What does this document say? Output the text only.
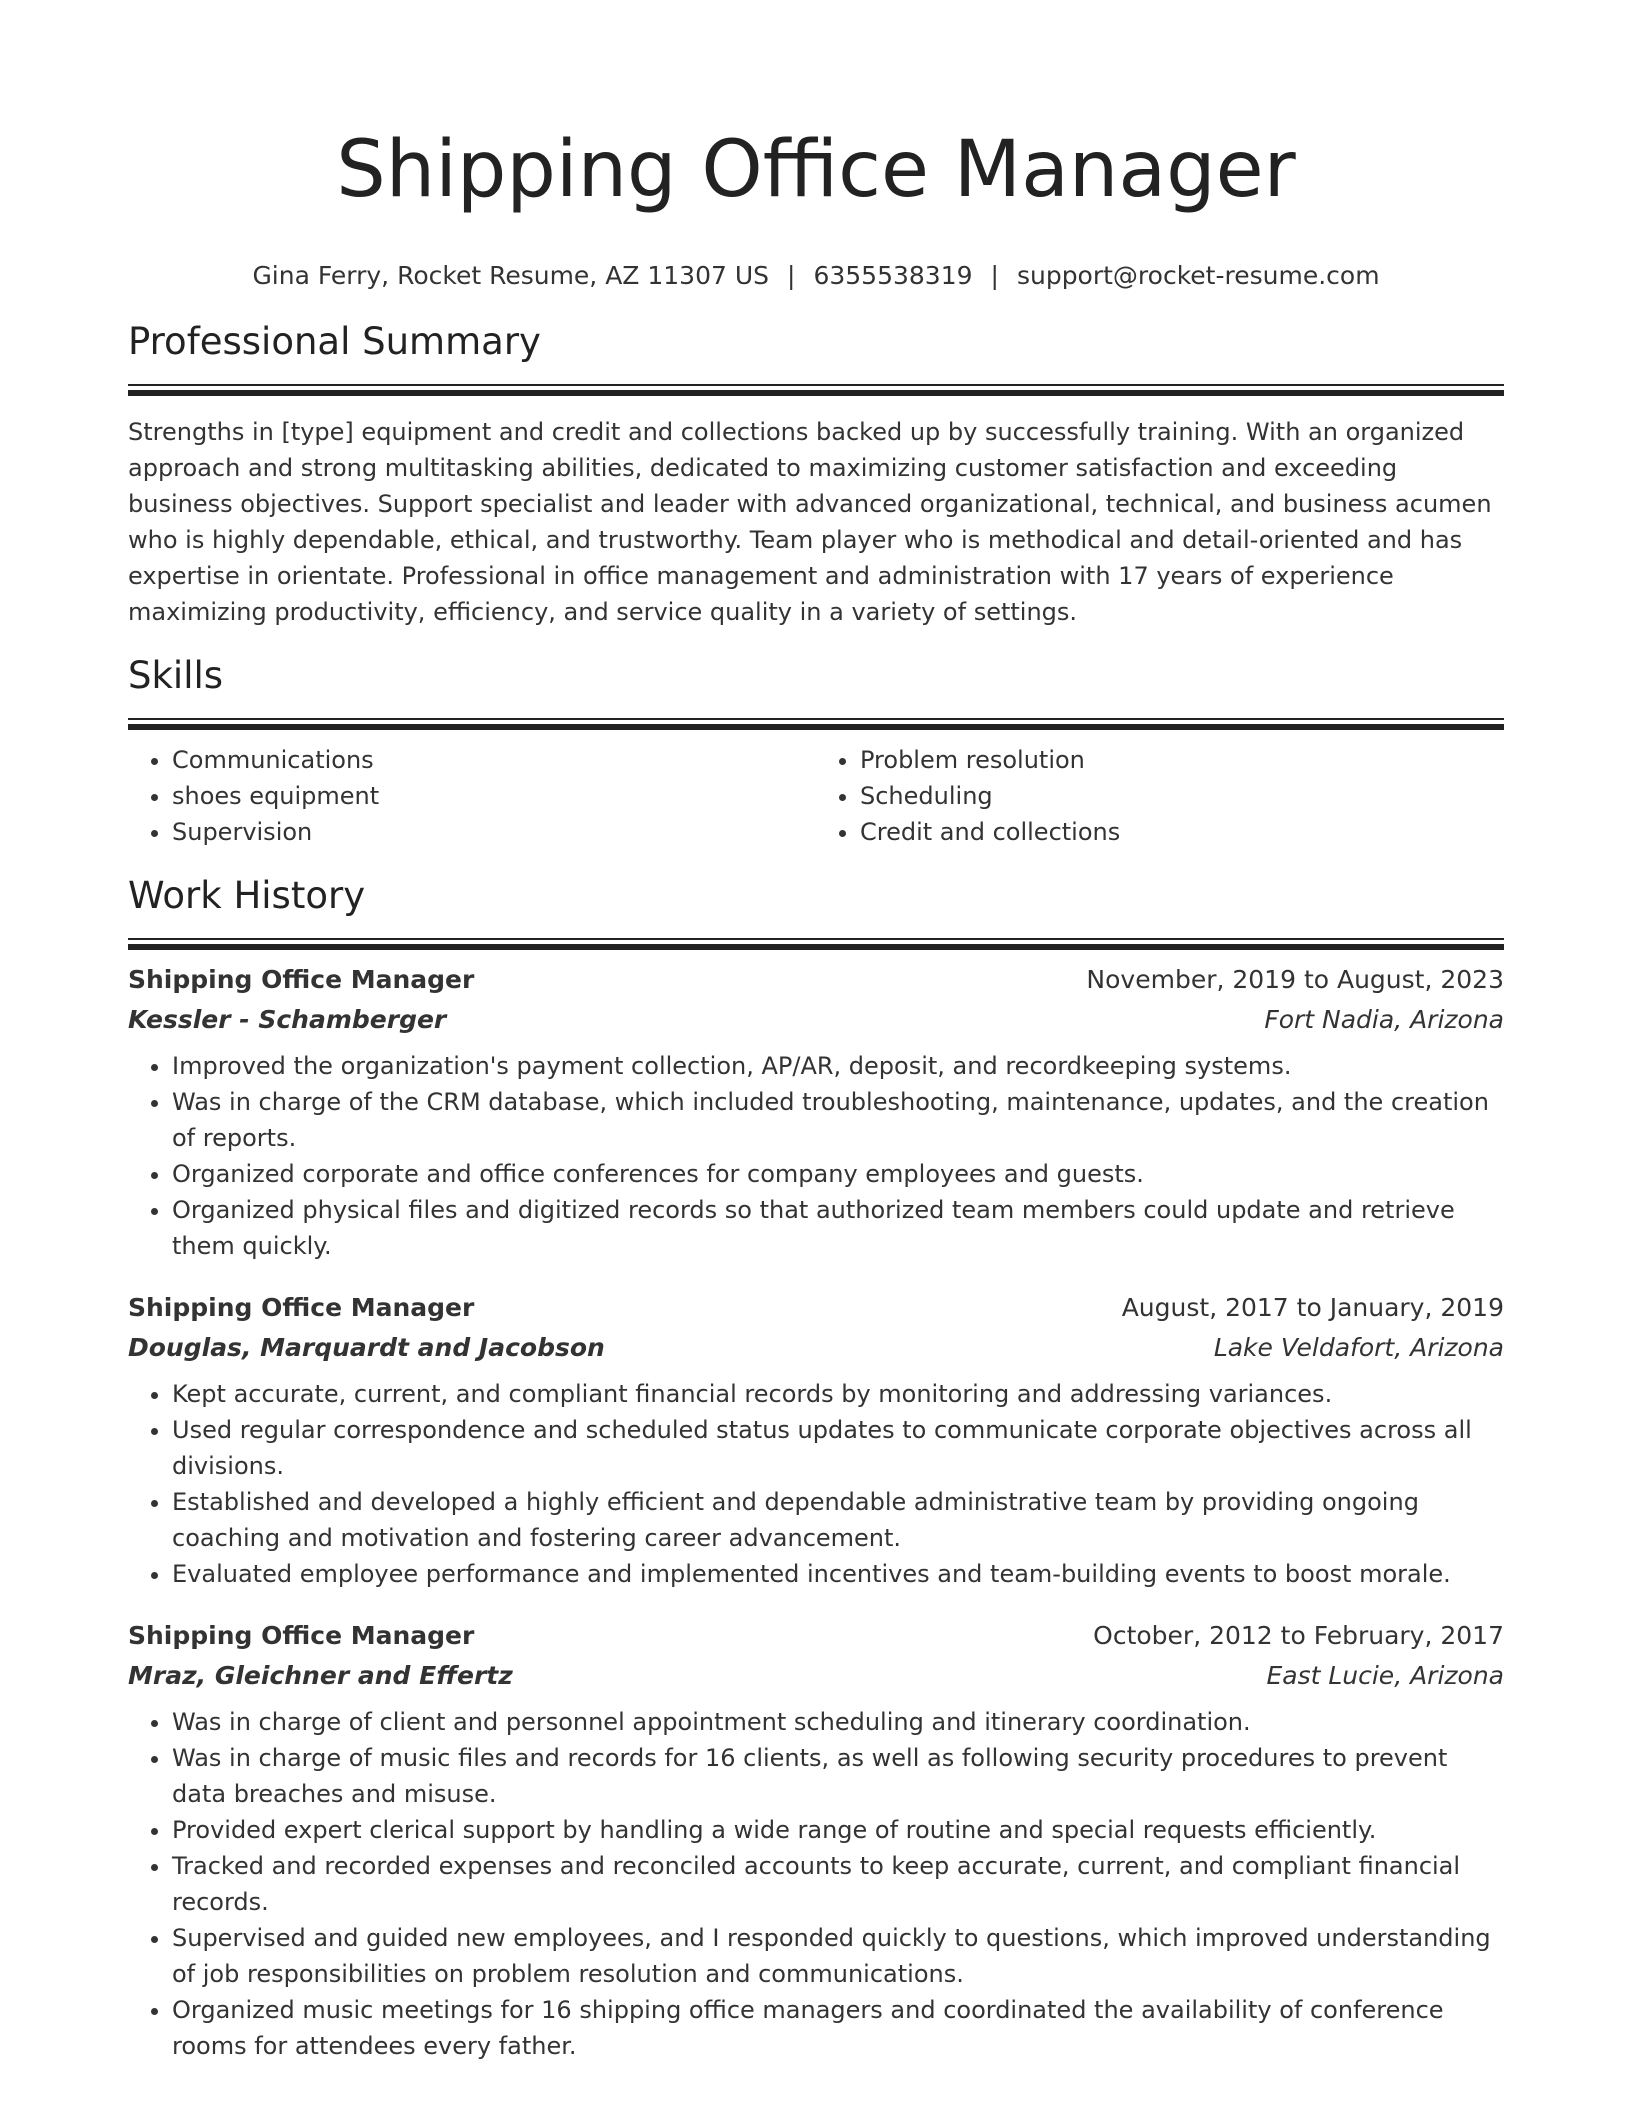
Shipping Office Manager
Gina Ferry, Rocket Resume, AZ 11307 US | 6355538319 | support@rocket-resume.com
Professional Summary
Strengths in [type] equipment and credit and collections backed up by successfully training. With an organized approach and strong multitasking abilities, dedicated to maximizing customer satisfaction and exceeding business objectives. Support specialist and leader with advanced organizational, technical, and business acumen who is highly dependable, ethical, and trustworthy. Team player who is methodical and detail-oriented and has expertise in orientate. Professional in office management and administration with 17 years of experience maximizing productivity, efficiency, and service quality in a variety of settings.
Skills
• Communications
• shoes equipment
• Supervision
• Problem resolution
• Scheduling
• Credit and collections
Work History
Shipping Office Manager	November, 2019 to August, 2023
Kessler - Schamberger	Fort Nadia, Arizona
• Improved the organization's payment collection, AP/AR, deposit, and recordkeeping systems.
• Was in charge of the CRM database, which included troubleshooting, maintenance, updates, and the creation of reports.
• Organized corporate and office conferences for company employees and guests.
• Organized physical files and digitized records so that authorized team members could update and retrieve them quickly.
Shipping Office Manager	August, 2017 to January, 2019
Douglas, Marquardt and Jacobson	Lake Veldafort, Arizona
• Kept accurate, current, and compliant financial records by monitoring and addressing variances.
• Used regular correspondence and scheduled status updates to communicate corporate objectives across all divisions.
• Established and developed a highly efficient and dependable administrative team by providing ongoing coaching and motivation and fostering career advancement.
• Evaluated employee performance and implemented incentives and team-building events to boost morale.
Shipping Office Manager	October, 2012 to February, 2017
Mraz, Gleichner and Effertz	East Lucie, Arizona
• Was in charge of client and personnel appointment scheduling and itinerary coordination.
• Was in charge of music files and records for 16 clients, as well as following security procedures to prevent data breaches and misuse.
• Provided expert clerical support by handling a wide range of routine and special requests efficiently.
• Tracked and recorded expenses and reconciled accounts to keep accurate, current, and compliant financial records.
• Supervised and guided new employees, and I responded quickly to questions, which improved understanding of job responsibilities on problem resolution and communications.
• Organized music meetings for 16 shipping office managers and coordinated the availability of conference rooms for attendees every father.
